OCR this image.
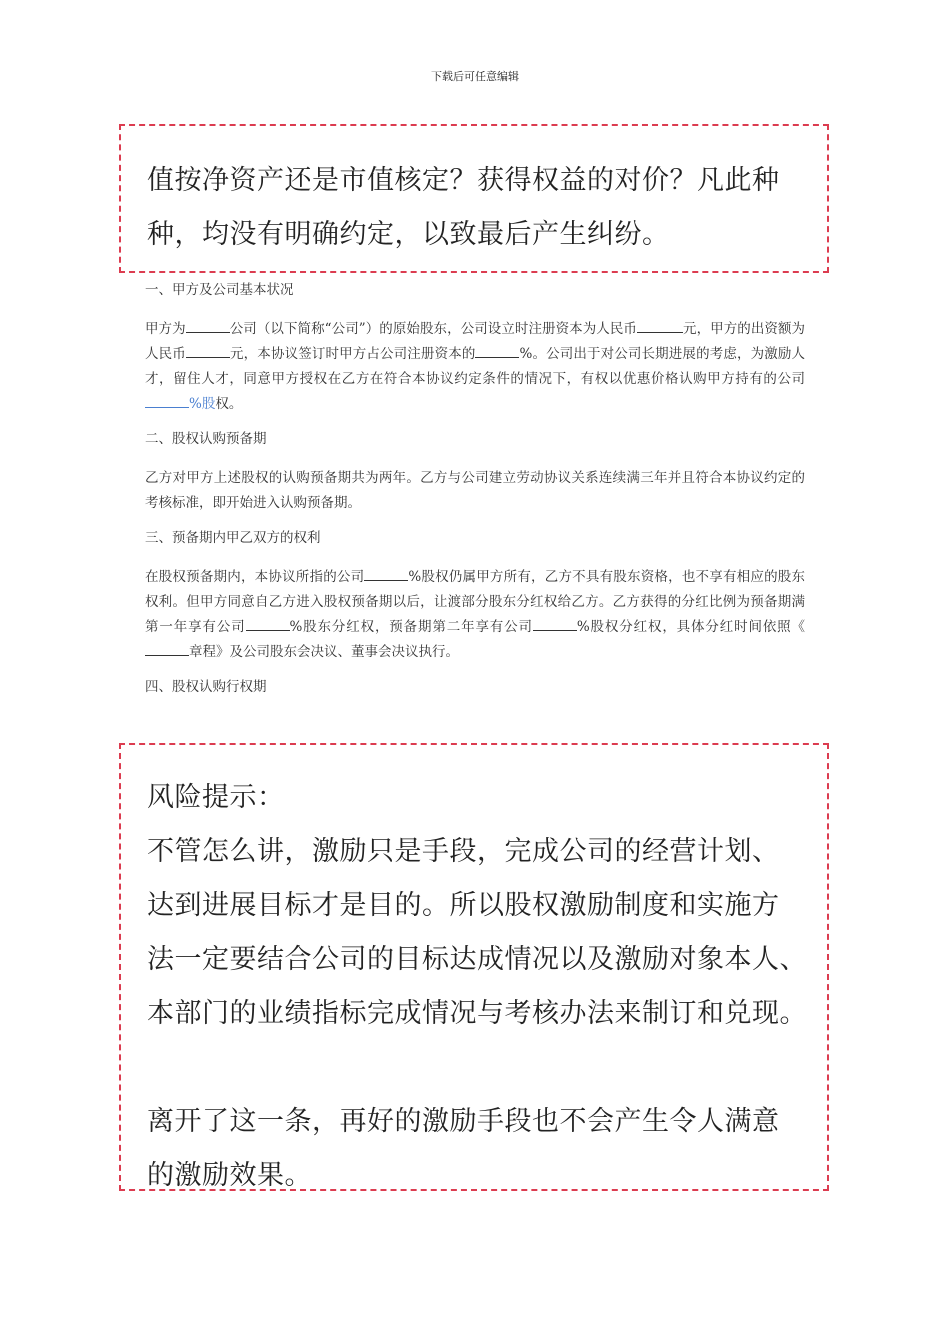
下载后可任意编辑
值按净资产还是市值核定？获得权益的对价？凡此种
种，均没有明确约定，以致最后产生纠纷。
一、甲方及公司基本状况
甲方为	公司（以下简称“公司”）的原始股东，公司设立时注册资本为人民币	元，甲方的出资额为人民币	元，本协议签订时甲方占公司注册资本的	%。公司出于对公司长期进展的考虑，为激励人才，留住人才，同意甲方授权在乙方在符合本协议约定条件的情况下，有权以优惠价格认购甲方持有的公司%股权。
二、股权认购预备期
乙方对甲方上述股权的认购预备期共为两年。乙方与公司建立劳动协议关系连续满三年并且符合本协议约定的考核标准，即开始进入认购预备期。
三、预备期内甲乙双方的权利
在股权预备期内，本协议所指的公司	%股权仍属甲方所有，乙方不具有股东资格，也不享有相应的股东权利。但甲方同意自乙方进入股权预备期以后，让渡部分股东分红权给乙方。乙方获得的分红比例为预备期满第一年享有公司	%股东分红权，预备期第二年享有公司	%股权分红权，具体分红时间依照《章程》及公司股东会决议、董事会决议执行。
四、股权认购行权期
风险提示：
不管怎么讲，激励只是手段，完成公司的经营计划、
达到进展目标才是目的。所以股权激励制度和实施方
法一定要结合公司的目标达成情况以及激励对象本人、
本部门的业绩指标完成情况与考核办法来制订和兑现。
离开了这一条，再好的激励手段也不会产生令人满意
的激励效果。
